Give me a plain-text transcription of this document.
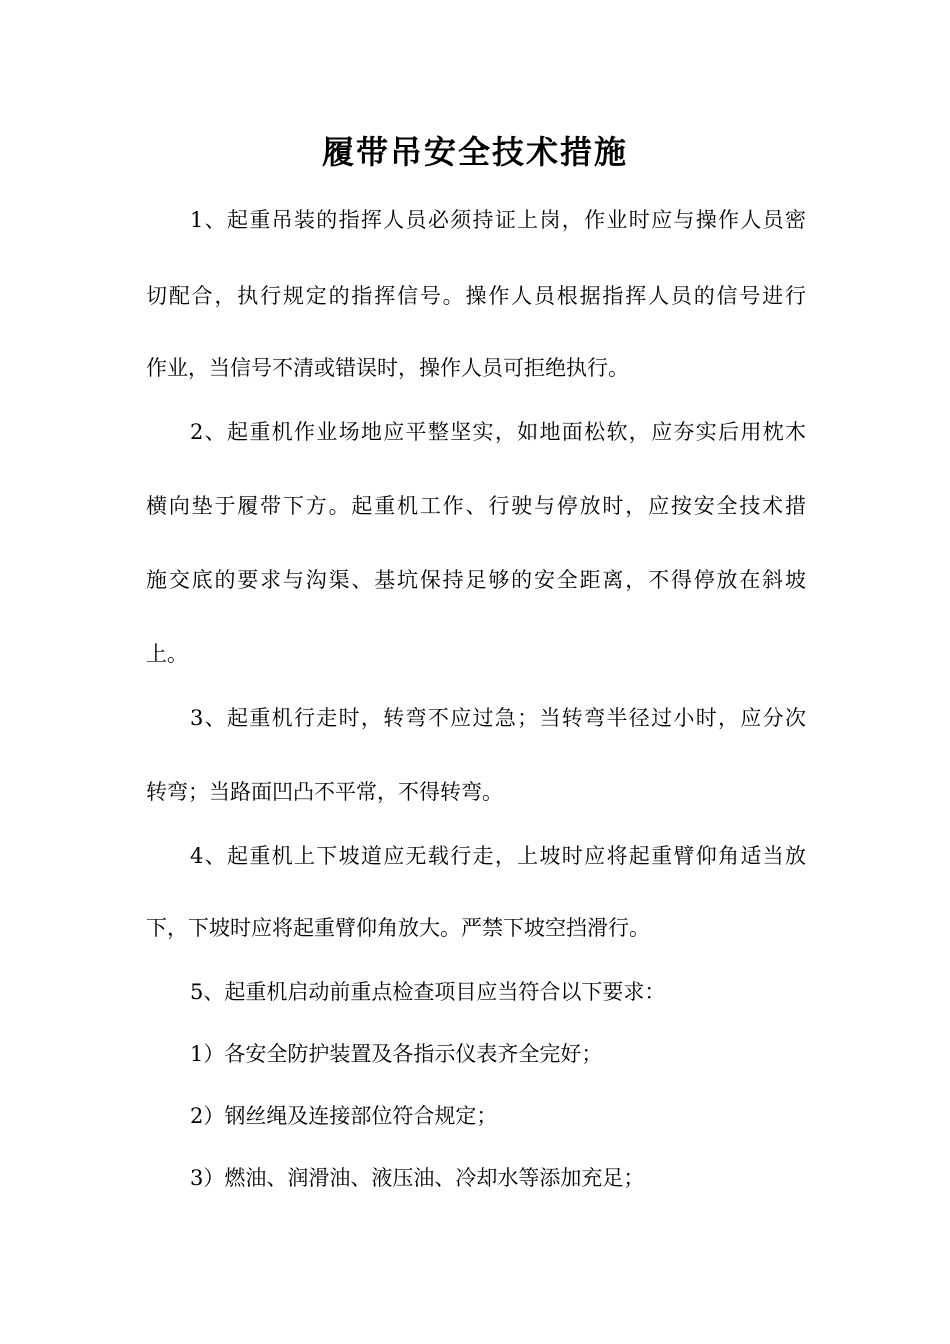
履带吊安全技术措施
1、起重吊装的指挥人员必须持证上岗，作业时应与操作人员密
切配合，执行规定的指挥信号。操作人员根据指挥人员的信号进行
作业，当信号不清或错误时，操作人员可拒绝执行。
2、起重机作业场地应平整坚实，如地面松软，应夯实后用枕木
横向垫于履带下方。起重机工作、行驶与停放时，应按安全技术措
施交底的要求与沟渠、基坑保持足够的安全距离，不得停放在斜坡
上。
3、起重机行走时，转弯不应过急；当转弯半径过小时，应分次
转弯；当路面凹凸不平常，不得转弯。
4、起重机上下坡道应无载行走，上坡时应将起重臂仰角适当放
下，下坡时应将起重臂仰角放大。严禁下坡空挡滑行。
5、起重机启动前重点检查项目应当符合以下要求：
1）各安全防护装置及各指示仪表齐全完好；
2）钢丝绳及连接部位符合规定；
3）燃油、润滑油、液压油、冷却水等添加充足；
